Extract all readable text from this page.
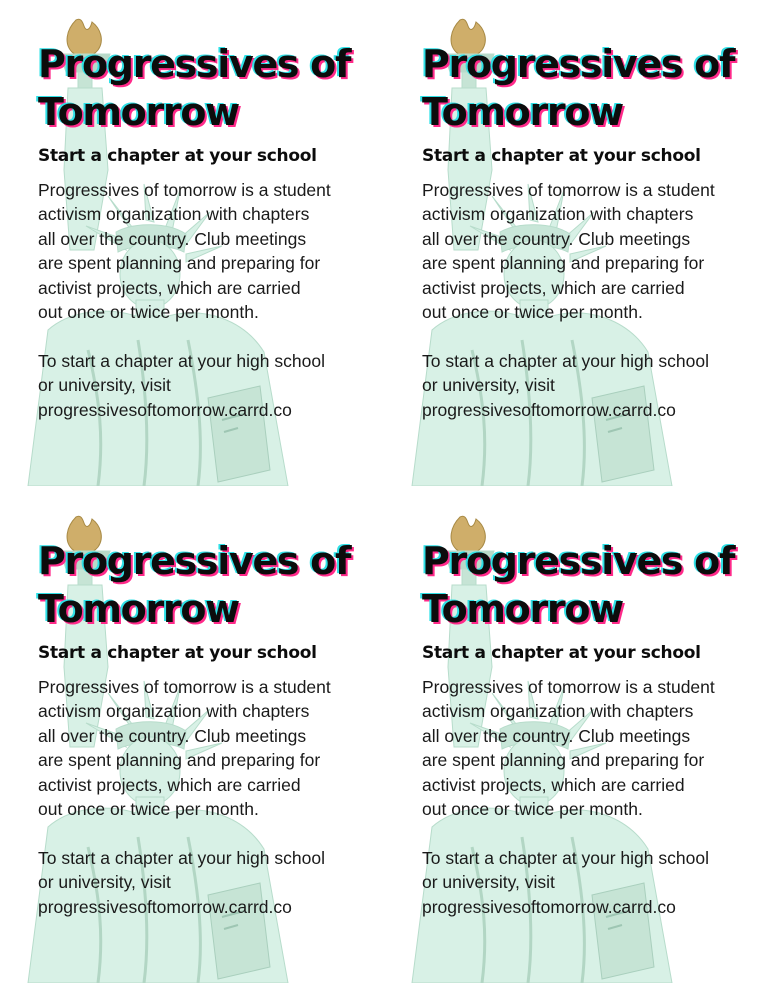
Progressives of
Tomorrow
Start a chapter at your school

Progressives of tomorrow is a student
activism organization with chapters
all over the country. Club meetings
are spent planning and preparing for
activist projects, which are carried
out once or twice per month.

To start a chapter at your high school
or university, visit
progressivesoftomorrow.carrd.co

Progressives of
Tomorrow
Start a chapter at your school

Progressives of tomorrow is a student
activism organization with chapters
all over the country. Club meetings
are spent planning and preparing for
activist projects, which are carried
out once or twice per month.

To start a chapter at your high school
or university, visit
progressivesoftomorrow.carrd.co

Progressives of
Tomorrow
Start a chapter at your school

Progressives of tomorrow is a student
activism organization with chapters
all over the country. Club meetings
are spent planning and preparing for
activist projects, which are carried
out once or twice per month.

To start a chapter at your high school
or university, visit
progressivesoftomorrow.carrd.co

Progressives of
Tomorrow
Start a chapter at your school

Progressives of tomorrow is a student
activism organization with chapters
all over the country. Club meetings
are spent planning and preparing for
activist projects, which are carried
out once or twice per month.

To start a chapter at your high school
or university, visit
progressivesoftomorrow.carrd.co
